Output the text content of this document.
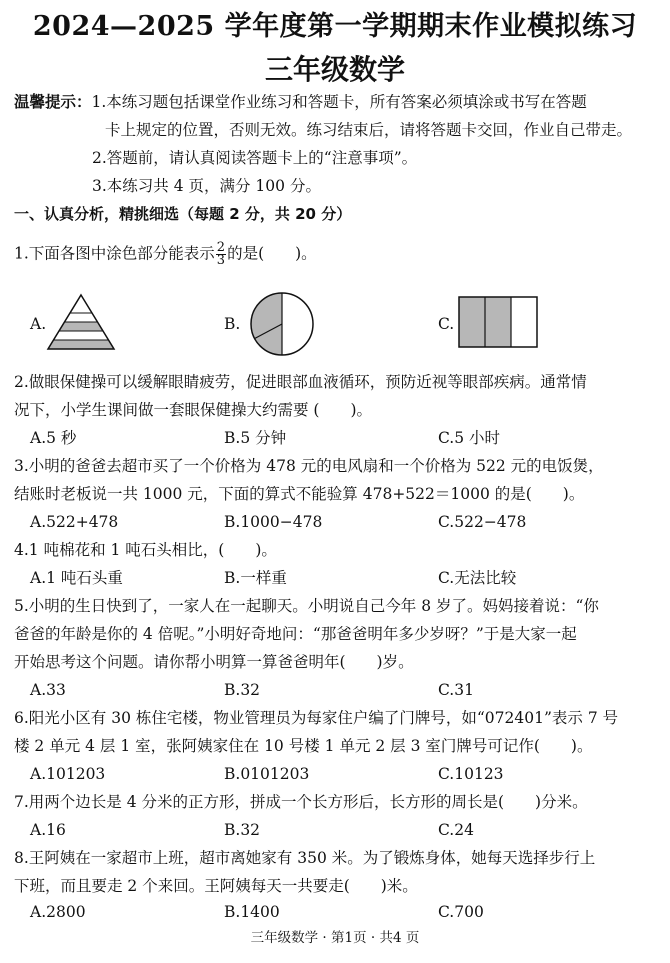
2024—2025 学年度第一学期期末作业模拟练习
三年级数学
温馨提示：1.本练习题包括课堂作业练习和答题卡，所有答案必须填涂或书写在答题
卡上规定的位置，否则无效。练习结束后，请将答题卡交回，作业自己带走。
2.答题前，请认真阅读答题卡上的“注意事项”。
3.本练习共 4 页，满分 100 分。
一、认真分析，精挑细选（每题 2 分，共 20 分）
1.下面各图中涂色部分能表示 $\frac{2}{3}$ 的是(　　)。
A.	B.	C.
2.做眼保健操可以缓解眼睛疲劳，促进眼部血液循环，预防近视等眼部疾病。通常情
况下，小学生课间做一套眼保健操大约需要 (　　)。
A.5 秒	B.5 分钟	C.5 小时
3.小明的爸爸去超市买了一个价格为 478 元的电风扇和一个价格为 522 元的电饭煲，
结账时老板说一共 1000 元，下面的算式不能验算 478+522＝1000 的是(　　)。
A.522+478	B.1000−478	C.522−478
4.1 吨棉花和 1 吨石头相比，(　　)。
A.1 吨石头重	B.一样重	C.无法比较
5.小明的生日快到了，一家人在一起聊天。小明说自己今年 8 岁了。妈妈接着说：“你
爸爸的年龄是你的 4 倍呢。”小明好奇地问：“那爸爸明年多少岁呀？”于是大家一起
开始思考这个问题。请你帮小明算一算爸爸明年(　　)岁。
A.33	B.32	C.31
6.阳光小区有 30 栋住宅楼，物业管理员为每家住户编了门牌号，如“072401”表示 7 号
楼 2 单元 4 层 1 室，张阿姨家住在 10 号楼 1 单元 2 层 3 室门牌号可记作(　　)。
A.101203	B.0101203	C.10123
7.用两个边长是 4 分米的正方形，拼成一个长方形后，长方形的周长是(　　)分米。
A.16	B.32	C.24
8.王阿姨在一家超市上班，超市离她家有 350 米。为了锻炼身体，她每天选择步行上
下班，而且要走 2 个来回。王阿姨每天一共要走(　　)米。
A.2800	B.1400	C.700
三年级数学 · 第1页 · 共4 页
